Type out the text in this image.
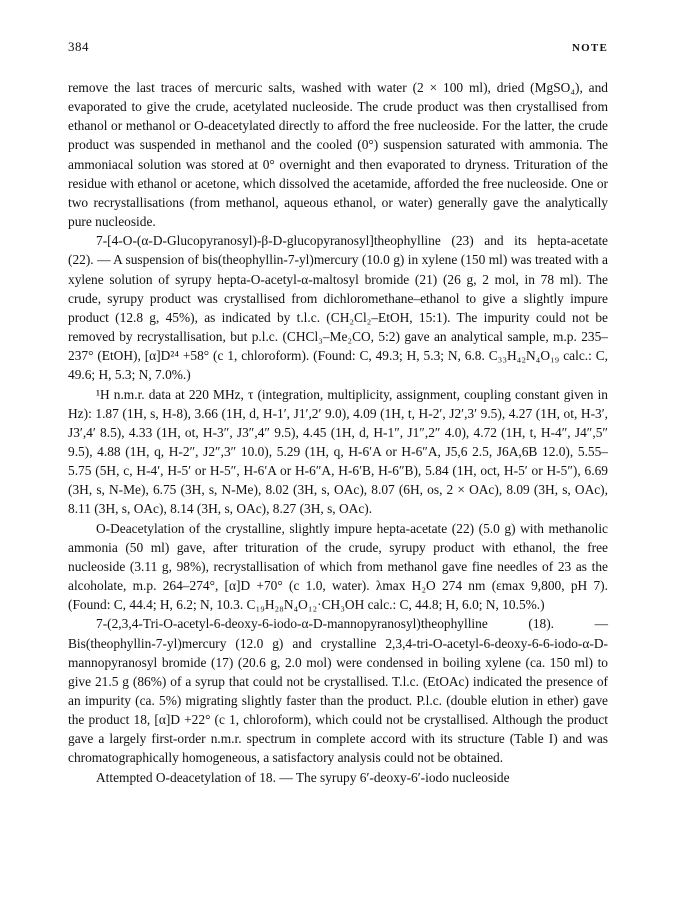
384	NOTE

remove the last traces of mercuric salts, washed with water (2 × 100 ml), dried (MgSO₄), and evaporated to give the crude, acetylated nucleoside. The crude product was then crystallised from ethanol or methanol or O-deacetylated directly to afford the free nucleoside. For the latter, the crude product was suspended in methanol and the cooled (0°) suspension saturated with ammonia. The ammoniacal solution was stored at 0° overnight and then evaporated to dryness. Trituration of the residue with ethanol or acetone, which dissolved the acetamide, afforded the free nucleoside. One or two recrystallisations (from methanol, aqueous ethanol, or water) generally gave the analytically pure nucleoside.

7-[4-O-(α-D-Glucopyranosyl)-β-D-glucopyranosyl]theophylline (23) and its hepta-acetate (22). — A suspension of bis(theophyllin-7-yl)mercury (10.0 g) in xylene (150 ml) was treated with a xylene solution of syrupy hepta-O-acetyl-α-maltosyl bromide (21) (26 g, 2 mol, in 78 ml). The crude, syrupy product was crystallised from dichloromethane–ethanol to give a slightly impure product (12.8 g, 45%), as indicated by t.l.c. (CH₂Cl₂–EtOH, 15:1). The impurity could not be removed by recrystallisation, but p.l.c. (CHCl₃–Me₂CO, 5:2) gave an analytical sample, m.p. 235–237° (EtOH), [α]D²⁴ +58° (c 1, chloroform). (Found: C, 49.3; H, 5.3; N, 6.8. C₃₃H₄₂N₄O₁₉ calc.: C, 49.6; H, 5.3; N, 7.0%.)

¹H n.m.r. data at 220 MHz, τ (integration, multiplicity, assignment, coupling constant given in Hz): 1.87 (1H, s, H-8), 3.66 (1H, d, H-1′, J1′,2′ 9.0), 4.09 (1H, t, H-2′, J2′,3′ 9.5), 4.27 (1H, ot, H-3′, J3′,4′ 8.5), 4.33 (1H, ot, H-3″, J3″,4″ 9.5), 4.45 (1H, d, H-1″, J1″,2″ 4.0), 4.72 (1H, t, H-4″, J4″,5″ 9.5), 4.88 (1H, q, H-2″, J2″,3″ 10.0), 5.29 (1H, q, H-6′A or H-6″A, J5,6 2.5, J6A,6B 12.0), 5.55–5.75 (5H, c, H-4′, H-5′ or H-5″, H-6′A or H-6″A, H-6′B, H-6″B), 5.84 (1H, oct, H-5′ or H-5″), 6.69 (3H, s, N-Me), 6.75 (3H, s, N-Me), 8.02 (3H, s, OAc), 8.07 (6H, os, 2 × OAc), 8.09 (3H, s, OAc), 8.11 (3H, s, OAc), 8.14 (3H, s, OAc), 8.27 (3H, s, OAc).

O-Deacetylation of the crystalline, slightly impure hepta-acetate (22) (5.0 g) with methanolic ammonia (50 ml) gave, after trituration of the crude, syrupy product with ethanol, the free nucleoside (3.11 g, 98%), recrystallisation of which from methanol gave fine needles of 23 as the alcoholate, m.p. 264–274°, [α]D +70° (c 1.0, water). λmax H₂O 274 nm (εmax 9,800, pH 7). (Found: C, 44.4; H, 6.2; N, 10.3. C₁₉H₂₈N₄O₁₂·CH₃OH calc.: C, 44.8; H, 6.0; N, 10.5%.)

7-(2,3,4-Tri-O-acetyl-6-deoxy-6-iodo-α-D-mannopyranosyl)theophylline (18). — Bis(theophyllin-7-yl)mercury (12.0 g) and crystalline 2,3,4-tri-O-acetyl-6-deoxy-6-6-iodo-α-D-mannopyranosyl bromide (17) (20.6 g, 2.0 mol) were condensed in boiling xylene (ca. 150 ml) to give 21.5 g (86%) of a syrup that could not be crystallised. T.l.c. (EtOAc) indicated the presence of an impurity (ca. 5%) migrating slightly faster than the product. P.l.c. (double elution in ether) gave the product 18, [α]D +22° (c 1, chloroform), which could not be crystallised. Although the product gave a largely first-order n.m.r. spectrum in complete accord with its structure (Table I) and was chromatographically homogeneous, a satisfactory analysis could not be obtained.

Attempted O-deacetylation of 18. — The syrupy 6′-deoxy-6′-iodo nucleoside
